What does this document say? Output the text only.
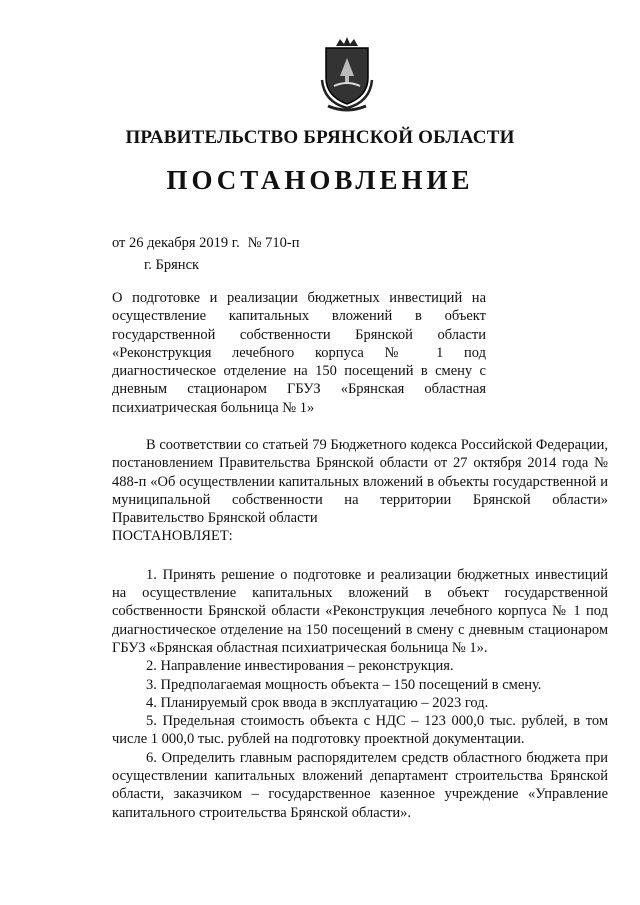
ПРАВИТЕЛЬСТВО БРЯНСКОЙ ОБЛАСТИ
ПОСТАНОВЛЕНИЕ
от 26 декабря 2019 г. № 710-п
г. Брянск
О подготовке и реализации бюджетных инвестиций на осуществление капитальных вложений в объект государственной собственности Брянской области «Реконструкция лечебного корпуса № 1 под диагностическое отделение на 150 посещений в смену с дневным стационаром ГБУЗ «Брянская областная психиатрическая больница № 1»

В соответствии со статьей 79 Бюджетного кодекса Российской Федерации, постановлением Правительства Брянской области от 27 октября 2014 года № 488-п «Об осуществлении капитальных вложений в объекты государственной и муниципальной собственности на территории Брянской области» Правительство Брянской области

ПОСТАНОВЛЯЕТ:

1. Принять решение о подготовке и реализации бюджетных инвестиций на осуществление капитальных вложений в объект государственной собственности Брянской области «Реконструкция лечебного корпуса № 1 под диагностическое отделение на 150 посещений в смену с дневным стационаром ГБУЗ «Брянская областная психиатрическая больница № 1».

2. Направление инвестирования – реконструкция.

3. Предполагаемая мощность объекта – 150 посещений в смену.

4. Планируемый срок ввода в эксплуатацию – 2023 год.

5. Предельная стоимость объекта с НДС – 123 000,0 тыс. рублей, в том числе 1 000,0 тыс. рублей на подготовку проектной документации.

6. Определить главным распорядителем средств областного бюджета при осуществлении капитальных вложений департамент строительства Брянской области, заказчиком – государственное казенное учреждение «Управление капитального строительства Брянской области».
